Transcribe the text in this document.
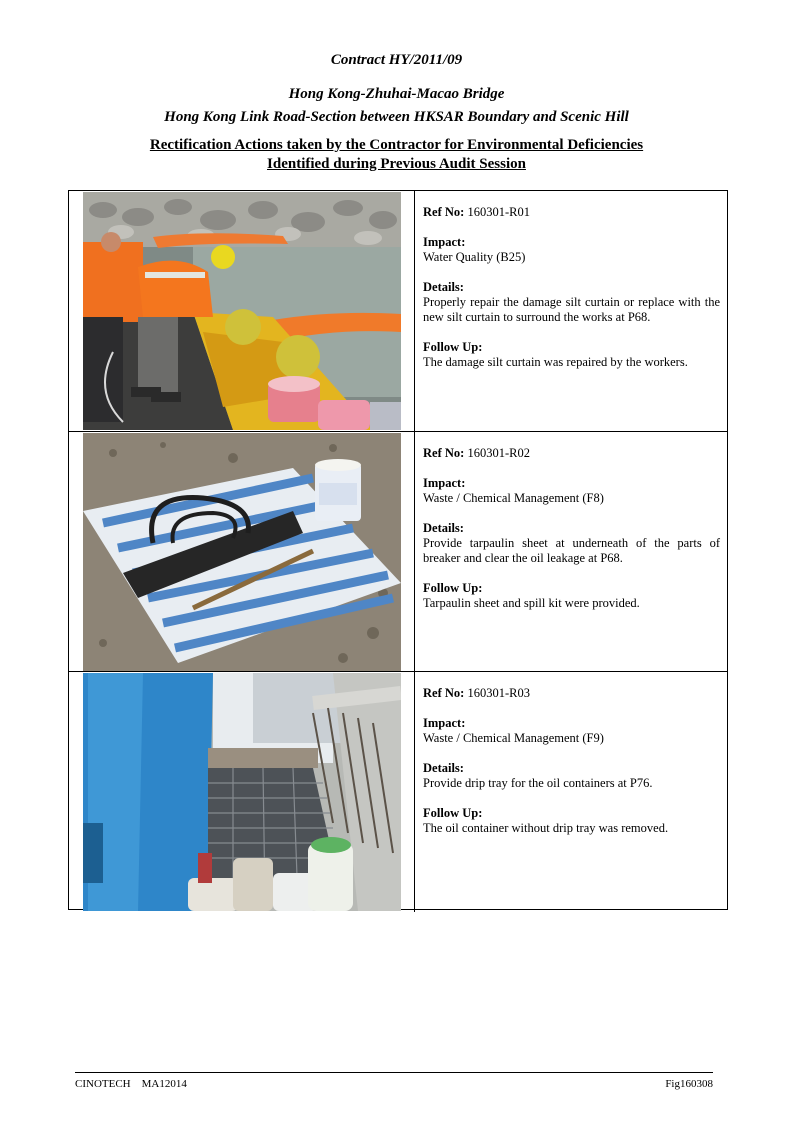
Contract HY/2011/09
Hong Kong-Zhuhai-Macao Bridge
Hong Kong Link Road-Section between HKSAR Boundary and Scenic Hill
Rectification Actions taken by the Contractor for Environmental Deficiencies
Identified during Previous Audit Session

Ref No: 160301-R01

Impact:

Water Quality (B25)

Details:

Properly repair the damage silt curtain or replace with the new silt curtain to surround the works at P68.

Follow Up:

The damage silt curtain was repaired by the workers.

Ref No: 160301-R02

Impact:

Waste / Chemical Management (F8)

Details:

Provide tarpaulin sheet at underneath of the parts of breaker and clear the oil leakage at P68.

Follow Up:

Tarpaulin sheet and spill kit were provided.

Ref No: 160301-R03

Impact:

Waste / Chemical Management (F9)

Details:

Provide drip tray for the oil containers at P76.

Follow Up:

The oil container without drip tray was removed.

CINOTECH    MA12014	Fig160308
